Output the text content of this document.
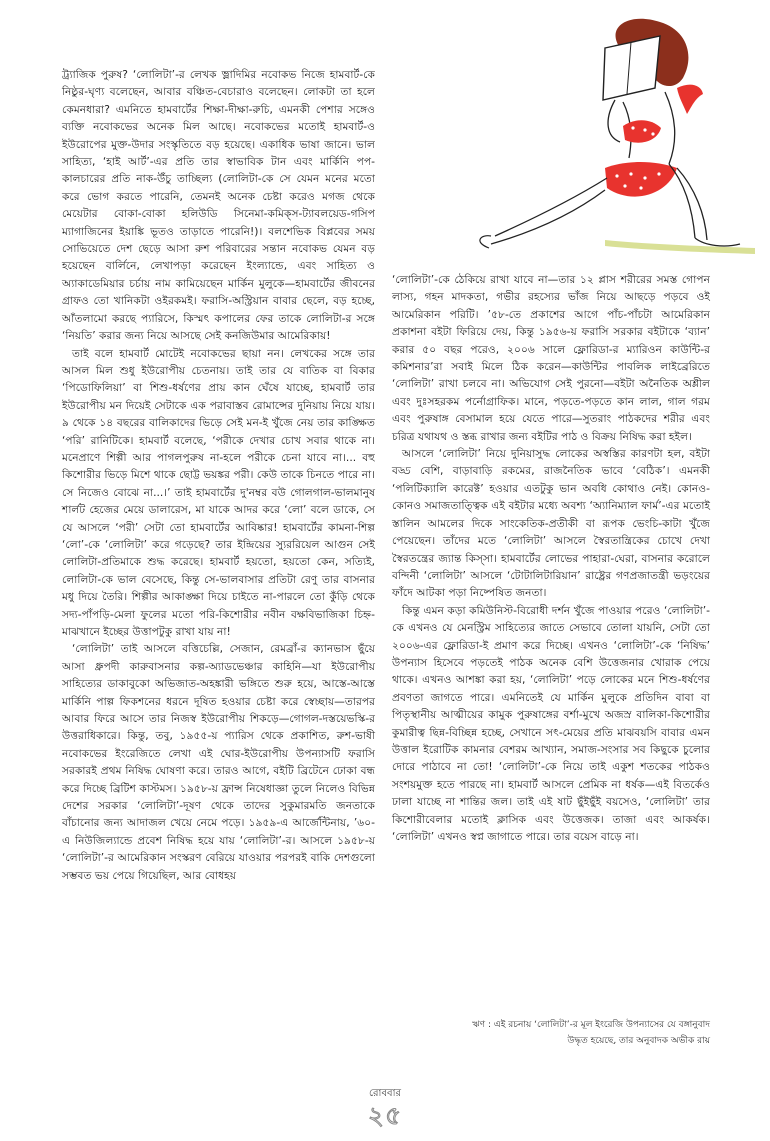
ট্র্যাজিক পুরুষ? ‘লোলিটা’-র লেখক ভ্লাদিমির নবোকভ নিজে হামবার্ট-কে নিষ্ঠুর-ঘৃণ্য বলেছেন, আবার বঞ্চিত-বেচারাও বলেছেন। লোকটা তা হলে কেমনধারা? এমনিতে হামবার্টের শিক্ষা-দীক্ষা-রুচি, এমনকী পেশার সঙ্গেও ব্যক্তি নবোকভের অনেক মিল আছে। নবোকভের মতোই হামবার্ট-ও ইউরোপের মুক্ত-উদার সংস্কৃতিতে বড় হয়েছে। একাধিক ভাষা জানে। ভাল সাহিত্য, ‘হাই আর্ট’-এর প্রতি তার স্বাভাবিক টান এবং মার্কিনি পপ-কালচারের প্রতি নাক-উঁচু তাচ্ছিল্য (লোলিটা-কে সে যেমন মনের মতো করে ভোগ করতে পারেনি, তেমনই অনেক চেষ্টা করেও মগজ থেকে মেয়েটার বোকা-বোকা হলিউডি সিনেমা-কমিক্‌স-ট্যাবলয়েড-গসিপ ম্যাগাজিনের ইয়াঙ্কি ভূতও তাড়াতে পারেনি!)। বলশেভিক বিপ্লবের সময় সোভিয়েতে দেশ ছেড়ে আসা রুশ পরিবারের সন্তান নবোকভ যেমন বড় হয়েছেন বার্লিনে, লেখাপড়া করেছেন ইংল্যান্ডে, এবং সাহিত্য ও অ্যাকাডেমিয়ার চর্চায় নাম কামিয়েছেন মার্কিন মুলুকে—হামবার্টের জীবনের গ্রাফও তো খানিকটা ওইরকমই। ফরাসি-অস্ট্রিয়ান বাবার ছেলে, বড় হচ্ছে, আঁতলামো করছে প্যারিসে, কিস্মৎ কপালের ফের তাকে লোলিটা-র সঙ্গে ‘নিয়তি’ করার জন্য নিয়ে আসছে সেই কনজিউমার আমেরিকায়!

তাই বলে হামবার্ট মোটেই নবোকভের ছায়া নন। লেখকের সঙ্গে তার আসল মিল শুধু ইউরোপীয় চেতনায়। তাই তার যে বাতিক বা বিকার ‘পিডোফিলিয়া’ বা শিশু-ধর্ষণের প্রায় কান ঘেঁষে যাচ্ছে, হামবার্ট তার ইউরোপীয় মন দিয়েই সেটাকে এক পরাবাস্তব রোমান্সের দুনিয়ায় নিয়ে যায়। ৯ থেকে ১৪ বছরের বালিকাদের ভিড়ে সেই মন-ই খুঁজে নেয় তার কাঙ্ক্ষিত ‘পরি’ রানিটিকে। হামবার্ট বলেছে, ‘পরীকে দেখার চোখ সবার থাকে না। মনেপ্রাণে শিল্পী আর পাগলপুরুষ না-হলে পরীকে চেনা যাবে না।... বহু কিশোরীর ভিড়ে মিশে থাকে ছোট্ট ভয়ঙ্কর পরী। কেউ তাকে চিনতে পারে না। সে নিজেও বোঝে না...।’ তাই হামবার্টের দু'নম্বর বউ গোলগাল-ভালমানুষ শার্লট হেজের মেয়ে ডালারেস, মা যাকে আদর করে ‘লো’ বলে ডাকে, সে যে আসলে ‘পরী’ সেটা তো হামবার্টের আবিষ্কার! হামবার্টের কামনা-শিল্প ‘লো’-কে ‘লোলিটা’ করে গড়েছে? তার ইন্দ্রিয়ের স্যুররিয়েল আগুন সেই লোলিটা-প্রতিমাকে শুদ্ধ করেছে। হামবার্ট হয়তো, হয়তো কেন, সত্যিই, লোলিটা-কে ভাল বেসেছে, কিন্তু সে-ভালবাসার প্রতিটা রেণু তার বাসনার মধু দিয়ে তৈরি। শিল্পীর আকাঙ্ক্ষা দিয়ে চাইতে না-পারলে তো কুঁড়ি থেকে সদ্য-পাঁপড়ি-মেলা ফুলের মতো পরি-কিশোরীর নবীন বক্ষবিভাজিকা চিহ্ন-মাঝখানে ইচ্ছের উত্তাপটুকু রাখা যায় না!

‘লোলিটা’ তাই আসলে বত্তিচেল্লি, সেজান, রেমব্রাঁ-র ক্যানভাস ছুঁয়ে আসা ধ্রুপদী কারুবাসনার কল্প-অ্যাডভেঞ্চার কাহিনি—যা ইউরোপীয় সাহিত্যের ডাকাবুকো অভিজাত-অহঙ্কারী ভঙ্গিতে শুরু হয়ে, আস্তে-আস্তে মার্কিনি পাল্প ফিকশনের ধরনে দূষিত হওয়ার চেষ্টা করে স্বেচ্ছায়—তারপর আবার ফিরে আসে তার নিজস্ব ইউরোপীয় শিকড়ে—গোগল-দস্তয়েভস্কি-র উত্তরাধিকারে। কিন্তু, তবু, ১৯৫৫-য় প্যারিস থেকে প্রকাশিত, রুশ-ভাষী নবোকভের ইংরেজিতে লেখা এই ঘোর-ইউরোপীয় উপন্যাসটি ফরাসি সরকারই প্রথম নিষিদ্ধ ঘোষণা করে। তারও আগে, বইটি ব্রিটেনে ঢোকা বন্ধ করে দিচ্ছে ব্রিটিশ কাস্টমস। ১৯৫৮-য় ফ্রান্স নিষেধাজ্ঞা তুলে নিলেও বিভিন্ন দেশের সরকার ‘লোলিটা’-দূষণ থেকে তাদের সুকুমারমতি জনতাকে বাঁচানোর জন্য আদাজল খেয়ে নেমে পড়ে। ১৯৫৯-এ আর্জেন্টিনায়, ’৬০-এ নিউজিল্যান্ডে প্রবেশ নিষিদ্ধ হয়ে যায় ‘লোলিটা’-র। আসলে ১৯৫৮-য় ‘লোলিটা’-র আমেরিকান সংস্করণ বেরিয়ে যাওয়ার পরপরই বাকি দেশগুলো সম্ভবত ভয় পেয়ে গিয়েছিল, আর বোধহয়

‘লোলিটা’-কে ঠেকিয়ে রাখা যাবে না—তার ১২ প্লাস শরীরের সমস্ত গোপন লাস্য, গহন মাদকতা, গভীর রহস্যের ভাঁজ নিয়ে আছড়ে পড়বে ওই আমেরিকান পরিটি। ’৫৮-তে প্রকাশের আগে পাঁচ-পাঁচটা আমেরিকান প্রকাশনা বইটা ফিরিয়ে দেয়, কিন্তু ১৯৫৬-য় ফরাসি সরকার বইটাকে ‘ব্যান’ করার ৫০ বছর পরেও, ২০০৬ সালে ফ্লোরিডা-র ম্যারিওন কাউন্টি-র কমিশনার’রা সবাই মিলে ঠিক করেন—কাউন্টির পাবলিক লাইব্রেরিতে ‘লোলিটা’ রাখা চলবে না। অভিযোগ সেই পুরনো—বইটা অনৈতিক অশ্লীল এবং দুঃসহরকম পর্নোগ্রাফিক। মানে, পড়তে-পড়তে কান লাল, গাল গরম এবং পুরুষাঙ্গ বেসামাল হয়ে যেতে পারে—সুতরাং পাঠকদের শরীর এবং চরিত্র যথাযথ ও স্তব্ধ রাখার জন্য বইটির পাঠ ও বিক্রয় নিষিদ্ধ করা হইল।

আসলে ‘লোলিটা’ নিয়ে দুনিয়াসুদ্ধ লোকের অস্বস্তির কারণটা হল, বইটা বড্ড বেশি, বাড়াবাড়ি রকমের, রাজনৈতিক ভাবে ‘বেঠিক’। এমনকী ‘পলিটিক্যালি কারেক্ট’ হওয়ার এতটুকু ভান অবধি কোথাও নেই। কোনও-কোনও সমাজতাত্ত্বিক এই বইটার মধ্যে অবশ্য ‘অ্যানিম্যাল ফার্ম’-এর মতোই স্তালিন আমলের দিকে সাংকেতিক-প্রতীকী বা রূপক ভেংচি-কাটা খুঁজে পেয়েছেন। তাঁদের মতে ‘লোলিটা’ আসলে স্বৈরতান্ত্রিকের চোখে দেখা স্বৈরতন্ত্রের জ্যান্ত কিস্‌সা। হামবার্টের লোভের পাহারা-ঘেরা, বাসনার করোলে বন্দিনী ‘লোলিটা’ আসলে ‘টোটালিটারিয়ান’ রাষ্ট্রের গণপ্রজাতন্ত্রী ভড়ংয়ের ফাঁদে আটকা পড়া নিষ্পেষিত জনতা।

কিন্তু এমন কড়া কমিউনিস্ট-বিরোধী দর্শন খুঁজে পাওয়ার পরেও ‘লোলিটা’-কে এখনও যে মেনস্ট্রিম সাহিত্যের জাতে সেভাবে তোলা যায়নি, সেটা তো ২০০৬-এর ফ্লোরিডা-ই প্রমাণ করে দিচ্ছে। এখনও ‘লোলিটা’-কে ‘নিষিদ্ধ’ উপন্যাস হিসেবে পড়তেই পাঠক অনেক বেশি উত্তেজনার খোরাক পেয়ে থাকে। এখনও আশঙ্কা করা হয়, ‘লোলিটা’ পড়ে লোকের মনে শিশু-ধর্ষণের প্রবণতা জাগতে পারে। এমনিতেই যে মার্কিন মুলুকে প্রতিদিন বাবা বা পিতৃস্থানীয় আত্মীয়ের কামুক পুরুষাঙ্গের বর্শা-মুখে অজস্র বালিকা-কিশোরীর কুমারীত্ব ছিন্ন-বিচ্ছিন্ন হচ্ছে, সেখানে সৎ-মেয়ের প্রতি মাঝবয়সি বাবার এমন উত্তাল ইরোটিক কামনার বেশরম আখ্যান, সমাজ-সংসার সব কিছুকে চুলোর দোরে পাঠাবে না তো! ‘লোলিটা’-কে নিয়ে তাই একুশ শতকের পাঠকও সংশয়মুক্ত হতে পারছে না। হামবার্ট আসলে প্রেমিক না ধর্ষক—এই বিতর্কেও ঢালা যাচ্ছে না শান্তির জল। তাই এই ষাট ছুঁইছুঁই বয়সেও, ‘লোলিটা’ তার কিশোরীবেলার মতোই ক্লাসিক এবং উত্তেজক। তাজা এবং আকর্ষক। ‘লোলিটা’ এখনও স্বপ্ন জাগাতে পারে। তার বয়েস বাড়ে না।

ঋণ : এই রচনায় ‘লোলিটা’-র মূল ইংরেজি উপন্যাসের যে বঙ্গানুবাদ
উদ্ধৃত হয়েছে, তার অনুবাদক অভীক রায়
রোববার
২৫
